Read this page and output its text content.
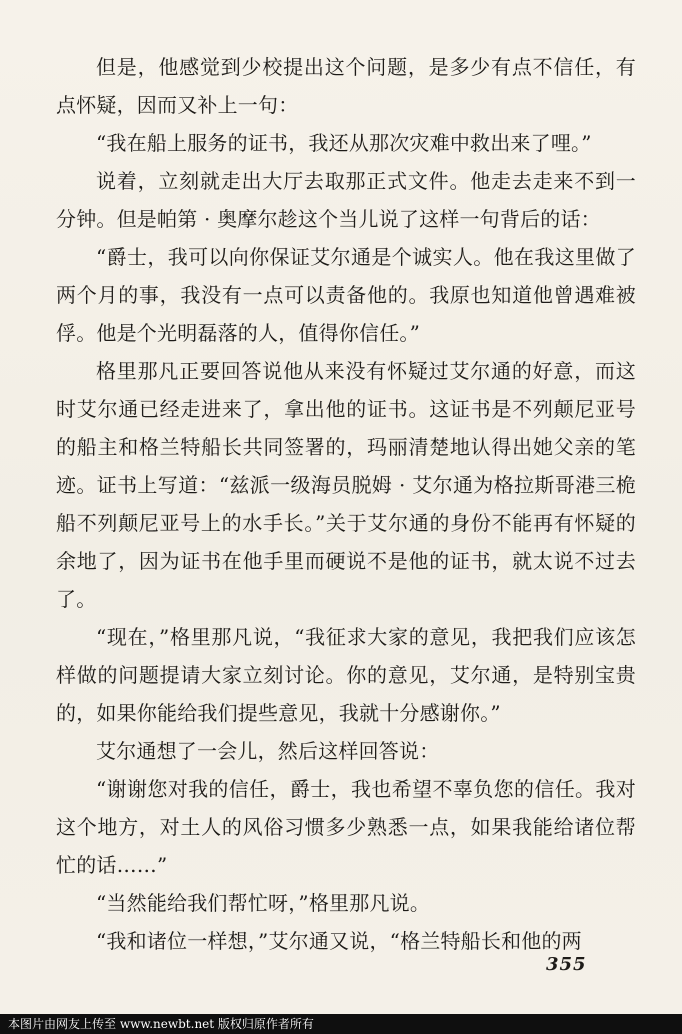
但是，他感觉到少校提出这个问题，是多少有点不信任，有点怀疑，因而又补上一句：

“我在船上服务的证书，我还从那次灾难中救出来了哩。”

说着，立刻就走出大厅去取那正式文件。他走去走来不到一分钟。但是帕第 · 奥摩尔趁这个当儿说了这样一句背后的话：

“爵士，我可以向你保证艾尔通是个诚实人。他在我这里做了两个月的事，我没有一点可以责备他的。我原也知道他曾遇难被俘。他是个光明磊落的人，值得你信任。”

格里那凡正要回答说他从来没有怀疑过艾尔通的好意，而这时艾尔通已经走进来了，拿出他的证书。这证书是不列颠尼亚号的船主和格兰特船长共同签署的，玛丽清楚地认得出她父亲的笔迹。证书上写道：“兹派一级海员脱姆 · 艾尔通为格拉斯哥港三桅船不列颠尼亚号上的水手长。”关于艾尔通的身份不能再有怀疑的余地了，因为证书在他手里而硬说不是他的证书，就太说不过去了。

“现在，”格里那凡说，“我征求大家的意见，我把我们应该怎样做的问题提请大家立刻讨论。你的意见，艾尔通，是特别宝贵的，如果你能给我们提些意见，我就十分感谢你。”

艾尔通想了一会儿，然后这样回答说：

“谢谢您对我的信任，爵士，我也希望不辜负您的信任。我对这个地方，对土人的风俗习惯多少熟悉一点，如果我能给诸位帮忙的话……”

“当然能给我们帮忙呀，”格里那凡说。

“我和诸位一样想，”艾尔通又说，“格兰特船长和他的两

355
本图片由网友上传至 www.newbt.net 版权归原作者所有
